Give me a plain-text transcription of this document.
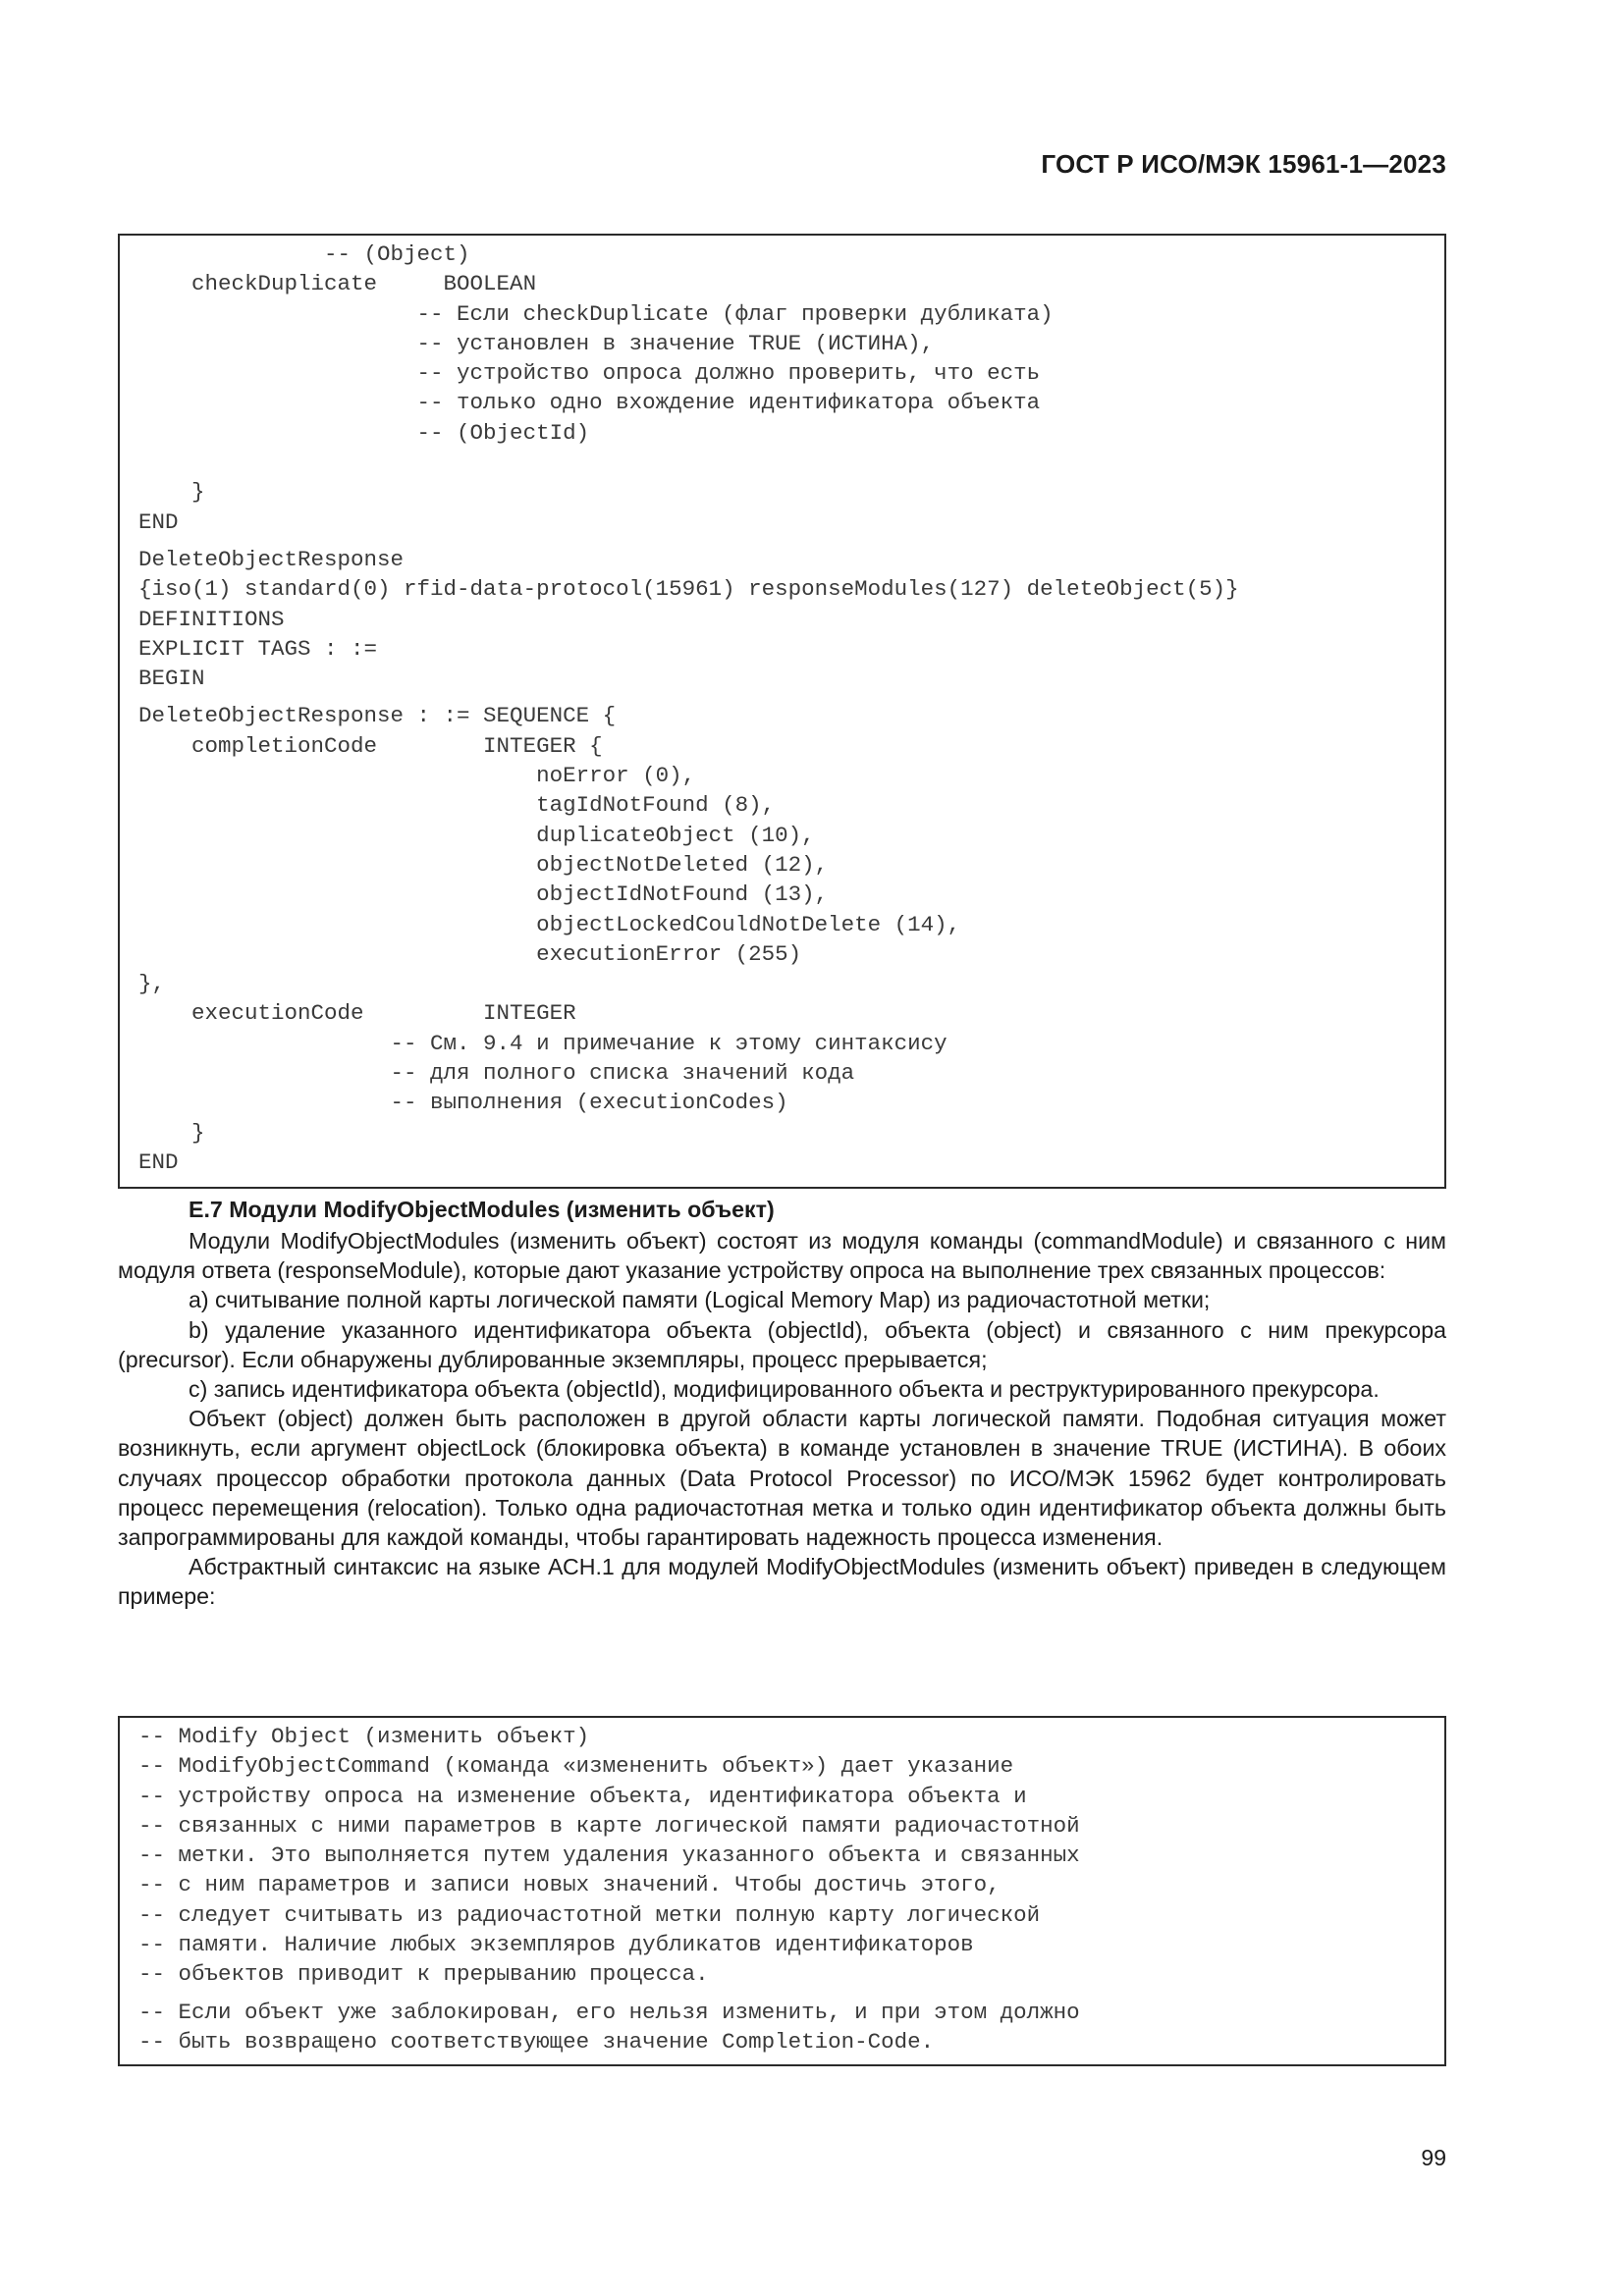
ГОСТ Р ИСО/МЭК 15961-1—2023
-- (Object)
checkDuplicate     BOOLEAN
-- Если checkDuplicate (флаг проверки дубликата)
-- установлен в значение TRUE (ИСТИНА),
-- устройство опроса должно проверить, что есть
-- только одно вхождение идентификатора объекта
-- (ObjectId)
}
END
DeleteObjectResponse
{iso(1) standard(0) rfid-data-protocol(15961) responseModules(127) deleteObject(5)}
DEFINITIONS
EXPLICIT TAGS : :=
BEGIN
DeleteObjectResponse : := SEQUENCE {
completionCode        INTEGER {
noError (0),
tagIdNotFound (8),
duplicateObject (10),
objectNotDeleted (12),
objectIdNotFound (13),
objectLockedCouldNotDelete (14),
executionError (255)
},
executionCode         INTEGER
-- См. 9.4 и примечание к этому синтаксису
-- для полного списка значений кода
-- выполнения (executionCodes)
}
END
Е.7 Модули ModifyObjectModules (изменить объект)

Модули ModifyObjectModules (изменить объект) состоят из модуля команды (commandModule) и связанного с ним модуля ответа (responseModule), которые дают указание устройству опроса на выполнение трех связанных процессов:

a) считывание полной карты логической памяти (Logical Memory Map) из радиочастотной метки;

b) удаление указанного идентификатора объекта (objectId), объекта (object) и связанного с ним прекурсора (precursor). Если обнаружены дублированные экземпляры, процесс прерывается;

c) запись идентификатора объекта (objectId), модифицированного объекта и реструктурированного прекурсора.

Объект (object) должен быть расположен в другой области карты логической памяти. Подобная ситуация может возникнуть, если аргумент objectLock (блокировка объекта) в команде установлен в значение TRUE (ИСТИНА). В обоих случаях процессор обработки протокола данных (Data Protocol Processor) по ИСО/МЭК 15962 будет контролировать процесс перемещения (relocation). Только одна радиочастотная метка и только один идентификатор объекта должны быть запрограммированы для каждой команды, чтобы гарантировать надежность процесса изменения.

Абстрактный синтаксис на языке АСН.1 для модулей ModifyObjectModules (изменить объект) приведен в следующем примере:

-- Modify Object (изменить объект)
-- ModifyObjectCommand (команда «измененить объект») дает указание
-- устройству опроса на изменение объекта, идентификатора объекта и
-- связанных с ними параметров в карте логической памяти радиочастотной
-- метки. Это выполняется путем удаления указанного объекта и связанных
-- с ним параметров и записи новых значений. Чтобы достичь этого,
-- следует считывать из радиочастотной метки полную карту логической
-- памяти. Наличие любых экземпляров дубликатов идентификаторов
-- объектов приводит к прерыванию процесса.
-- Если объект уже заблокирован, его нельзя изменить, и при этом должно
-- быть возвращено соответствующее значение Completion-Code.
99
